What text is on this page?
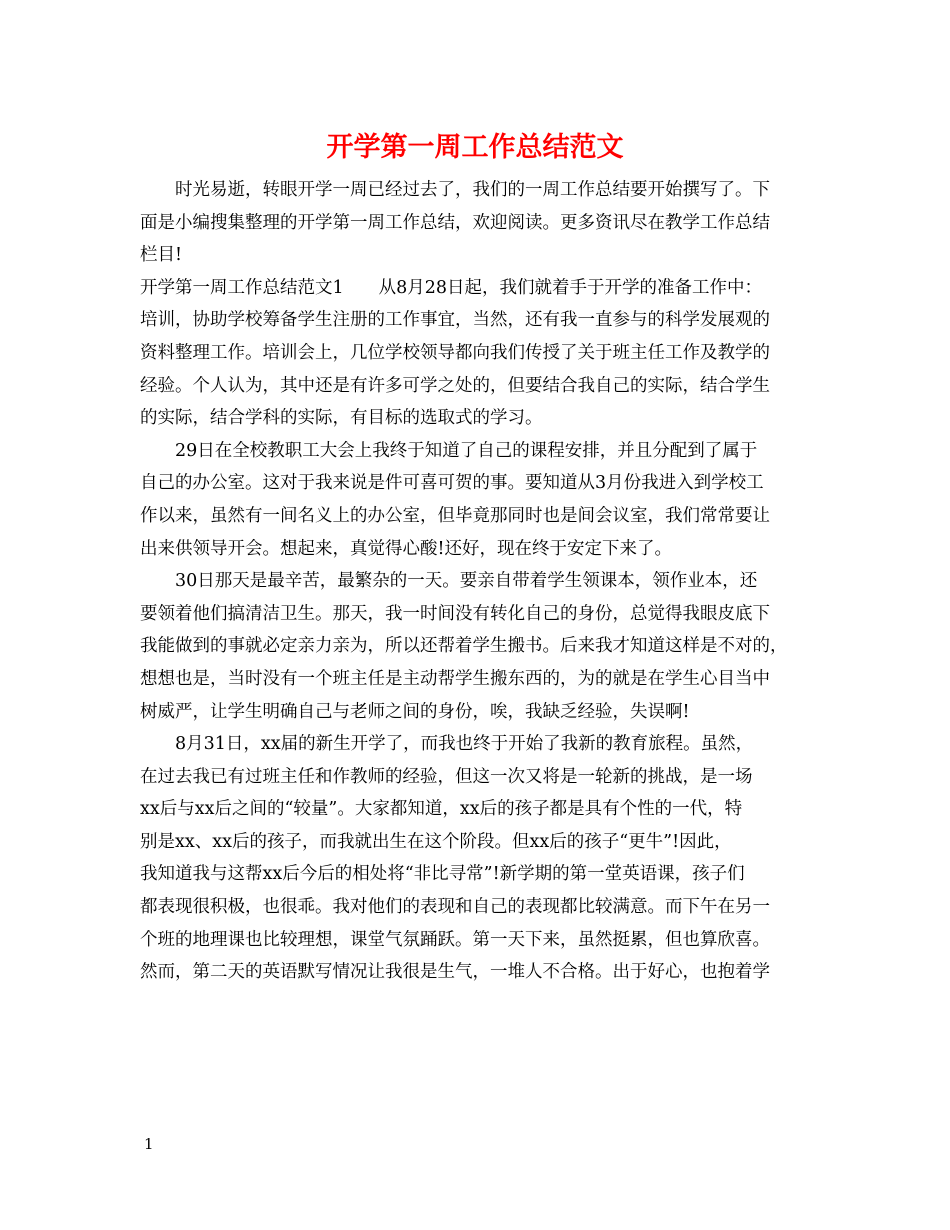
开学第一周工作总结范文
　　时光易逝，转眼开学一周已经过去了，我们的一周工作总结要开始撰写了。下
面是小编搜集整理的开学第一周工作总结，欢迎阅读。更多资讯尽在教学工作总结
栏目!
开学第一周工作总结范文1　　从8月28日起，我们就着手于开学的准备工作中：
培训，协助学校筹备学生注册的工作事宜，当然，还有我一直参与的科学发展观的
资料整理工作。培训会上，几位学校领导都向我们传授了关于班主任工作及教学的
经验。个人认为，其中还是有许多可学之处的，但要结合我自己的实际，结合学生
的实际，结合学科的实际，有目标的选取式的学习。
　　29日在全校教职工大会上我终于知道了自己的课程安排，并且分配到了属于
自己的办公室。这对于我来说是件可喜可贺的事。要知道从3月份我进入到学校工
作以来，虽然有一间名义上的办公室，但毕竟那同时也是间会议室，我们常常要让
出来供领导开会。想起来，真觉得心酸!还好，现在终于安定下来了。
　　30日那天是最辛苦，最繁杂的一天。要亲自带着学生领课本，领作业本，还
要领着他们搞清洁卫生。那天，我一时间没有转化自己的身份，总觉得我眼皮底下
我能做到的事就必定亲力亲为，所以还帮着学生搬书。后来我才知道这样是不对的，
想想也是，当时没有一个班主任是主动帮学生搬东西的，为的就是在学生心目当中
树威严，让学生明确自己与老师之间的身份，唉，我缺乏经验，失误啊!
　　8月31日，xx届的新生开学了，而我也终于开始了我新的教育旅程。虽然，
在过去我已有过班主任和作教师的经验，但这一次又将是一轮新的挑战，是一场
xx后与xx后之间的“较量”。大家都知道，xx后的孩子都是具有个性的一代，特
别是xx、xx后的孩子，而我就出生在这个阶段。但xx后的孩子“更牛”!因此，
我知道我与这帮xx后今后的相处将“非比寻常”!新学期的第一堂英语课，孩子们
都表现很积极，也很乖。我对他们的表现和自己的表现都比较满意。而下午在另一
个班的地理课也比较理想，课堂气氛踊跃。第一天下来，虽然挺累，但也算欣喜。
然而，第二天的英语默写情况让我很是生气，一堆人不合格。出于好心，也抱着学
1
